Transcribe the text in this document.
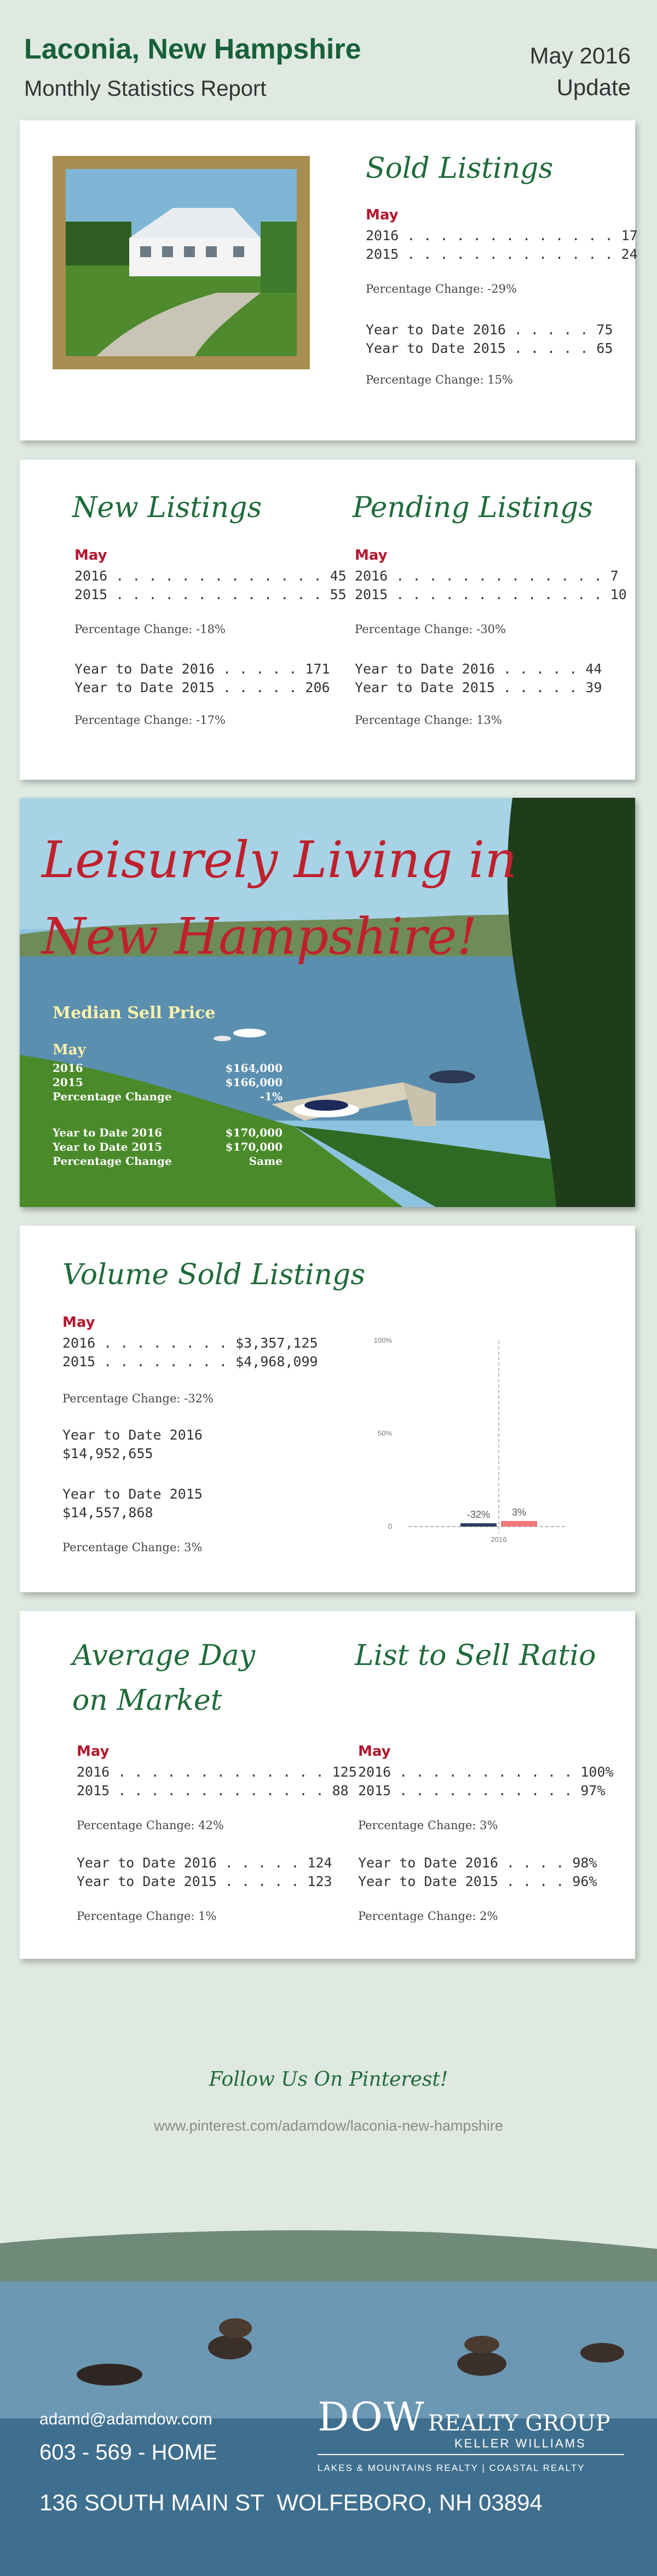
Laconia, New Hampshire
Monthly Statistics Report
May 2016
Update
Sold Listings
May
2016 . . . . . . . . . . . . . 17
2015 . . . . . . . . . . . . . 24
Percentage Change: -29%
Year to Date 2016 . . . . . 75
Year to Date 2015 . . . . . 65
Percentage Change: 15%
New Listings
May
2016 . . . . . . . . . . . . . 45
2015 . . . . . . . . . . . . . 55
Percentage Change: -18%
Year to Date 2016 . . . . . 171
Year to Date 2015 . . . . . 206
Percentage Change: -17%
Pending Listings
May
2016 . . . . . . . . . . . . . 7
2015 . . . . . . . . . . . . . 10
Percentage Change: -30%
Year to Date 2016 . . . . . 44
Year to Date 2015 . . . . . 39
Percentage Change: 13%
Leisurely Living in
New Hampshire!
Median Sell Price
May
2016	$164,000
2015	$166,000
Percentage Change	-1%
Year to Date 2016	$170,000
Year to Date 2015	$170,000
Percentage Change	Same
Volume Sold Listings
May
2016 . . . . . . . . $3,357,125
2015 . . . . . . . . $4,968,099
Percentage Change: -32%
Year to Date 2016
$14,952,655
Year to Date 2015
$14,557,868
Percentage Change: 3%
100%
50%
0
-32% 3%
2016
Average Day
on Market
May
2016 . . . . . . . . . . . . . 125
2015 . . . . . . . . . . . . . 88
Percentage Change: 42%
Year to Date 2016 . . . . . 124
Year to Date 2015 . . . . . 123
Percentage Change: 1%
List to Sell Ratio
May
2016 . . . . . . . . . . . 100%
2015 . . . . . . . . . . . 97%
Percentage Change: 3%
Year to Date 2016 . . . . 98%
Year to Date 2015 . . . . 96%
Percentage Change: 2%
Follow Us On Pinterest!
www.pinterest.com/adamdow/laconia-new-hampshire
adamd@adamdow.com
603 - 569 - HOME
136 SOUTH MAIN ST  WOLFEBORO, NH 03894
DOW REALTY GROUP
KELLER WILLIAMS
LAKES & MOUNTAINS REALTY | COASTAL REALTY
